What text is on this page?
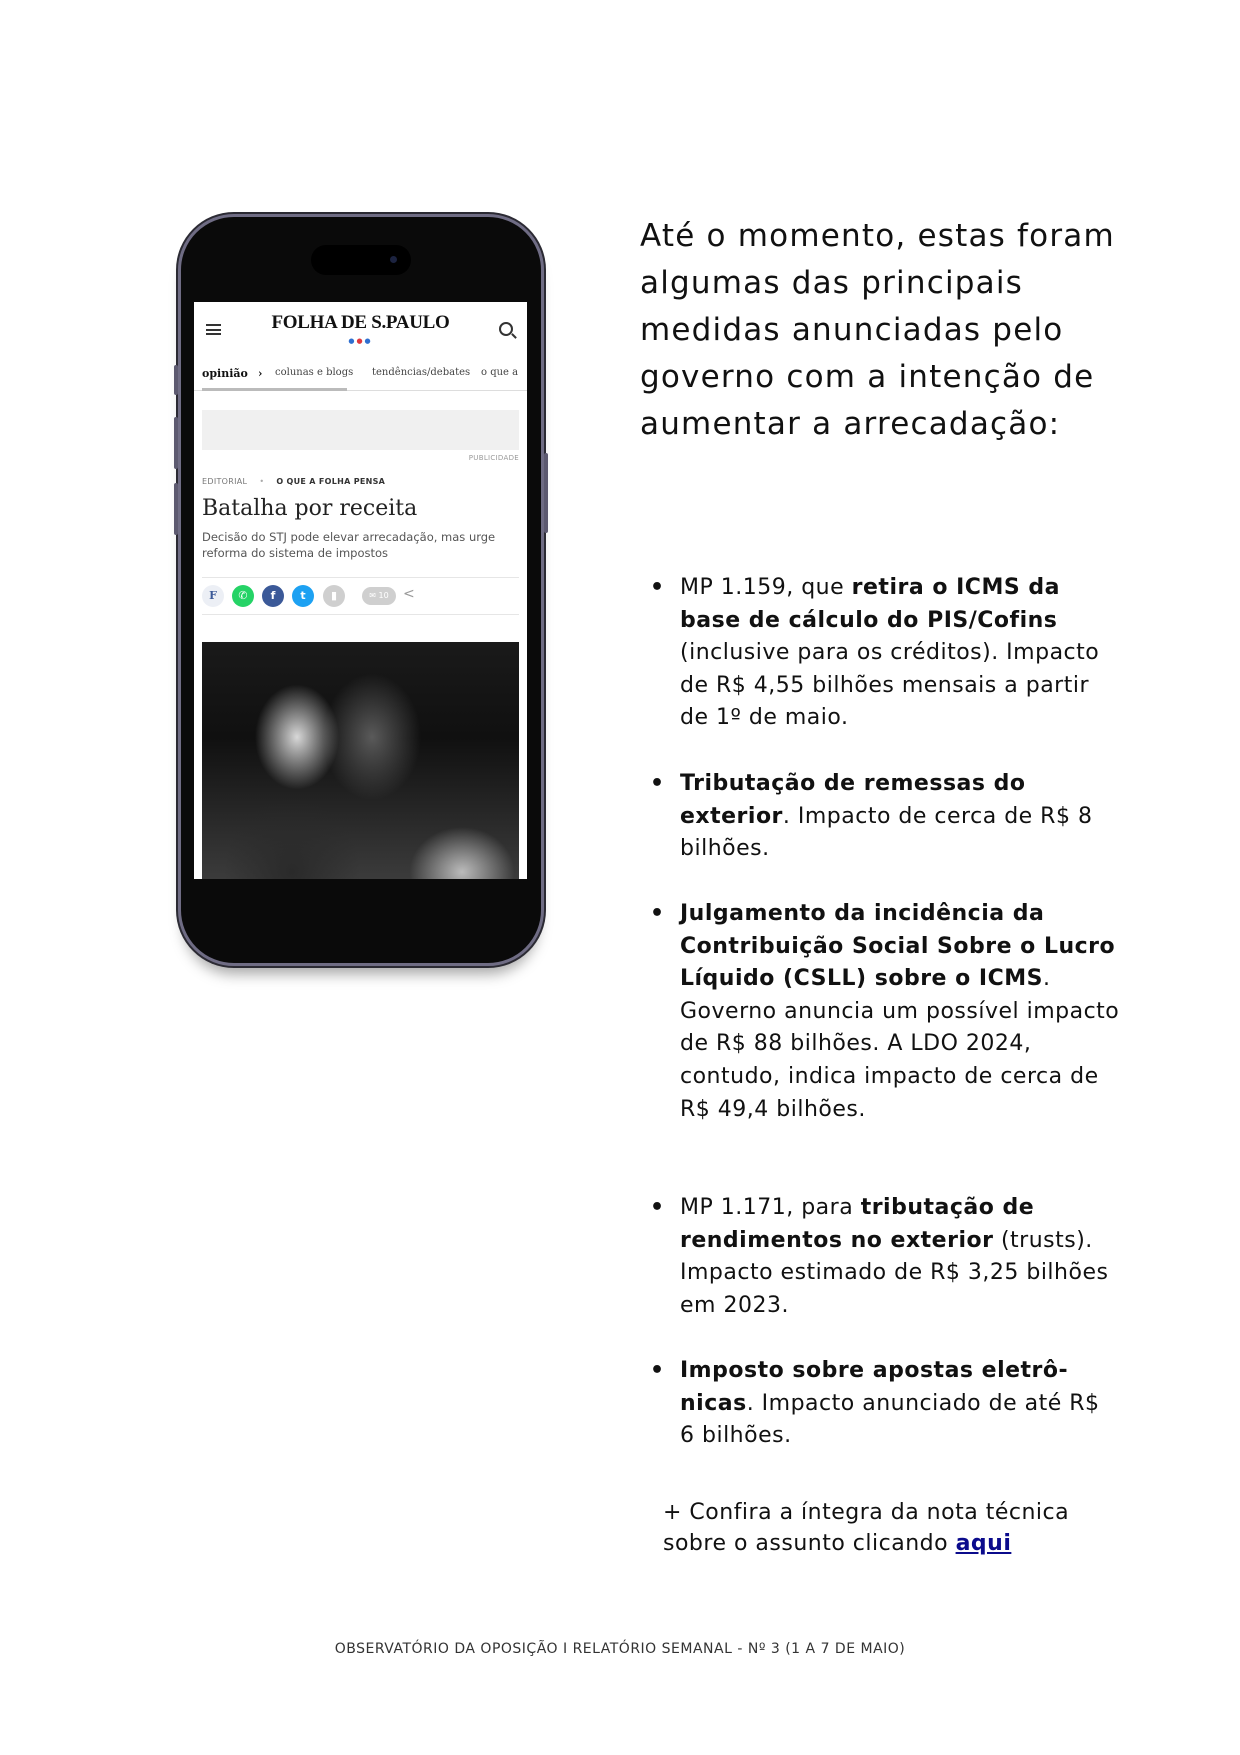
FOLHA DE S.PAULO
●●●
opinião › colunas e blogs tendências/debates o que a
PUBLICIDADE
EDITORIAL • O QUE A FOLHA PENSA
Batalha por receita
Decisão do STJ pode elevar arrecadação, mas urge reforma do sistema de impostos
F	✆	f	t	▮	✉ 10	<
Até o momento, estas foram algumas das principais medidas anunciadas pelo governo com a intenção de aumentar a arrecadação:
• MP 1.159, que retira o ICMS da base de cálculo do PIS/Cofins (inclusive para os créditos). Impacto de R$ 4,55 bilhões mensais a partir de 1º de maio.
• Tributação de remessas do exterior. Impacto de cerca de R$ 8 bilhões.
• Julgamento da incidência da Contribuição Social Sobre o Lucro Líquido (CSLL) sobre o ICMS. Governo anuncia um possível impacto de R$ 88 bilhões. A LDO 2024, contudo, indica impacto de cerca de R$ 49,4 bilhões.
• MP 1.171, para tributação de rendimentos no exterior (trusts). Impacto estimado de R$ 3,25 bilhões em 2023.
• Imposto sobre apostas eletrô-nicas. Impacto anunciado de até R$ 6 bilhões.
+ Confira a íntegra da nota técnica sobre o assunto clicando aqui
OBSERVATÓRIO DA OPOSIÇÃO I RELATÓRIO SEMANAL - Nº 3 (1 A 7 DE MAIO)
